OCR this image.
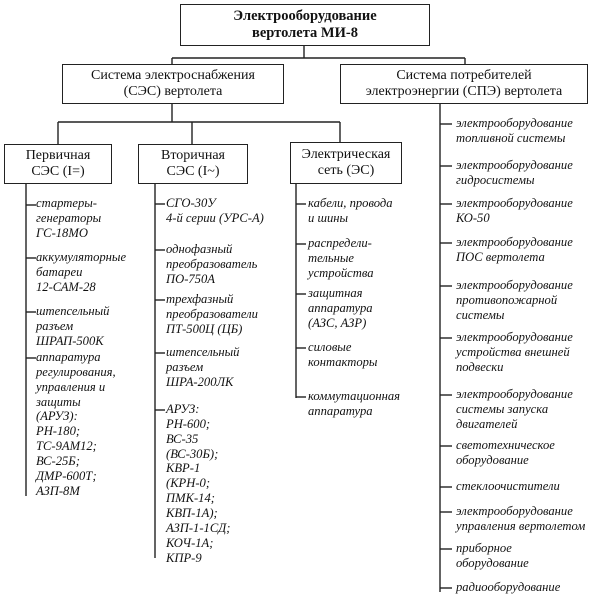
Электрооборудование
вертолета МИ-8
Система электроснабжения
(СЭС) вертолета
Система потребителей
электроэнергии (СПЭ) вертолета
Первичная
СЭС (I=)
Вторичная
СЭС (I~)
Электрическая
сеть (ЭС)
стартеры-
генераторы
ГС-18МО
аккумуляторные
батареи
12-САМ-28
штепсельный
разъем
ШРАП-500К
аппаратура
регулирования,
управления и
защиты
(АРУЗ):
РН-180;
ТС-9АМ12;
ВС-25Б;
ДМР-600Т;
АЗП-8М
СГО-30У
4-й серии (УРС-А)
однофазный
преобразователь
ПО-750А
трехфазный
преобразователи
ПТ-500Ц (ЦБ)
штепсельный
разъем
ШРА-200ЛК
АРУЗ:
РН-600;
ВС-35
(ВС-30Б);
КВР-1
(КРН-0;
ПМК-14;
КВП-1А);
АЗП-1-1СД;
КОЧ-1А;
КПР-9
кабели, провода
и шины
распредели-
тельные
устройства
защитная
аппаратура
(АЗС, АЗР)
силовые
контакторы
коммутационная
аппаратура
электрооборудование
топливной системы
электрооборудование
гидросистемы
электрооборудование
КО-50
электрооборудование
ПОС вертолета
электрооборудование
противопожарной
системы
электрооборудование
устройства внешней
подвески
электрооборудование
системы запуска
двигателей
светотехническое
оборудование
стеклоочистители
электрооборудование
управления вертолетом
приборное
оборудование
радиооборудование
